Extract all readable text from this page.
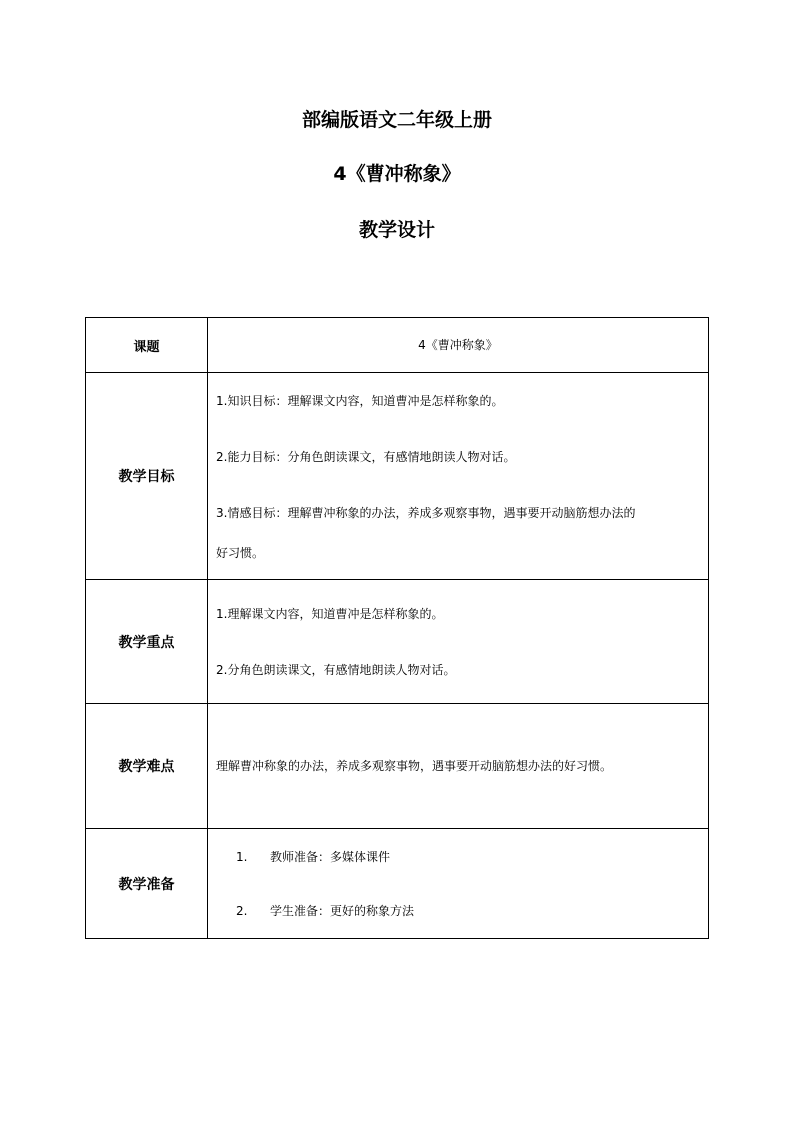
部编版语文二年级上册
4《曹冲称象》
教学设计
课题	4《曹冲称象》
教学目标	1.知识目标：理解课文内容，知道曹冲是怎样称象的。

2.能力目标：分角色朗读课文，有感情地朗读人物对话。

3.情感目标：理解曹冲称象的办法，养成多观察事物，遇事要开动脑筋想办法的

好习惯。

教学重点	1.理解课文内容，知道曹冲是怎样称象的。

2.分角色朗读课文，有感情地朗读人物对话。

教学难点	理解曹冲称象的办法，养成多观察事物，遇事要开动脑筋想办法的好习惯。

教学准备	1. 教师准备：多媒体课件
2. 学生准备：更好的称象方法
